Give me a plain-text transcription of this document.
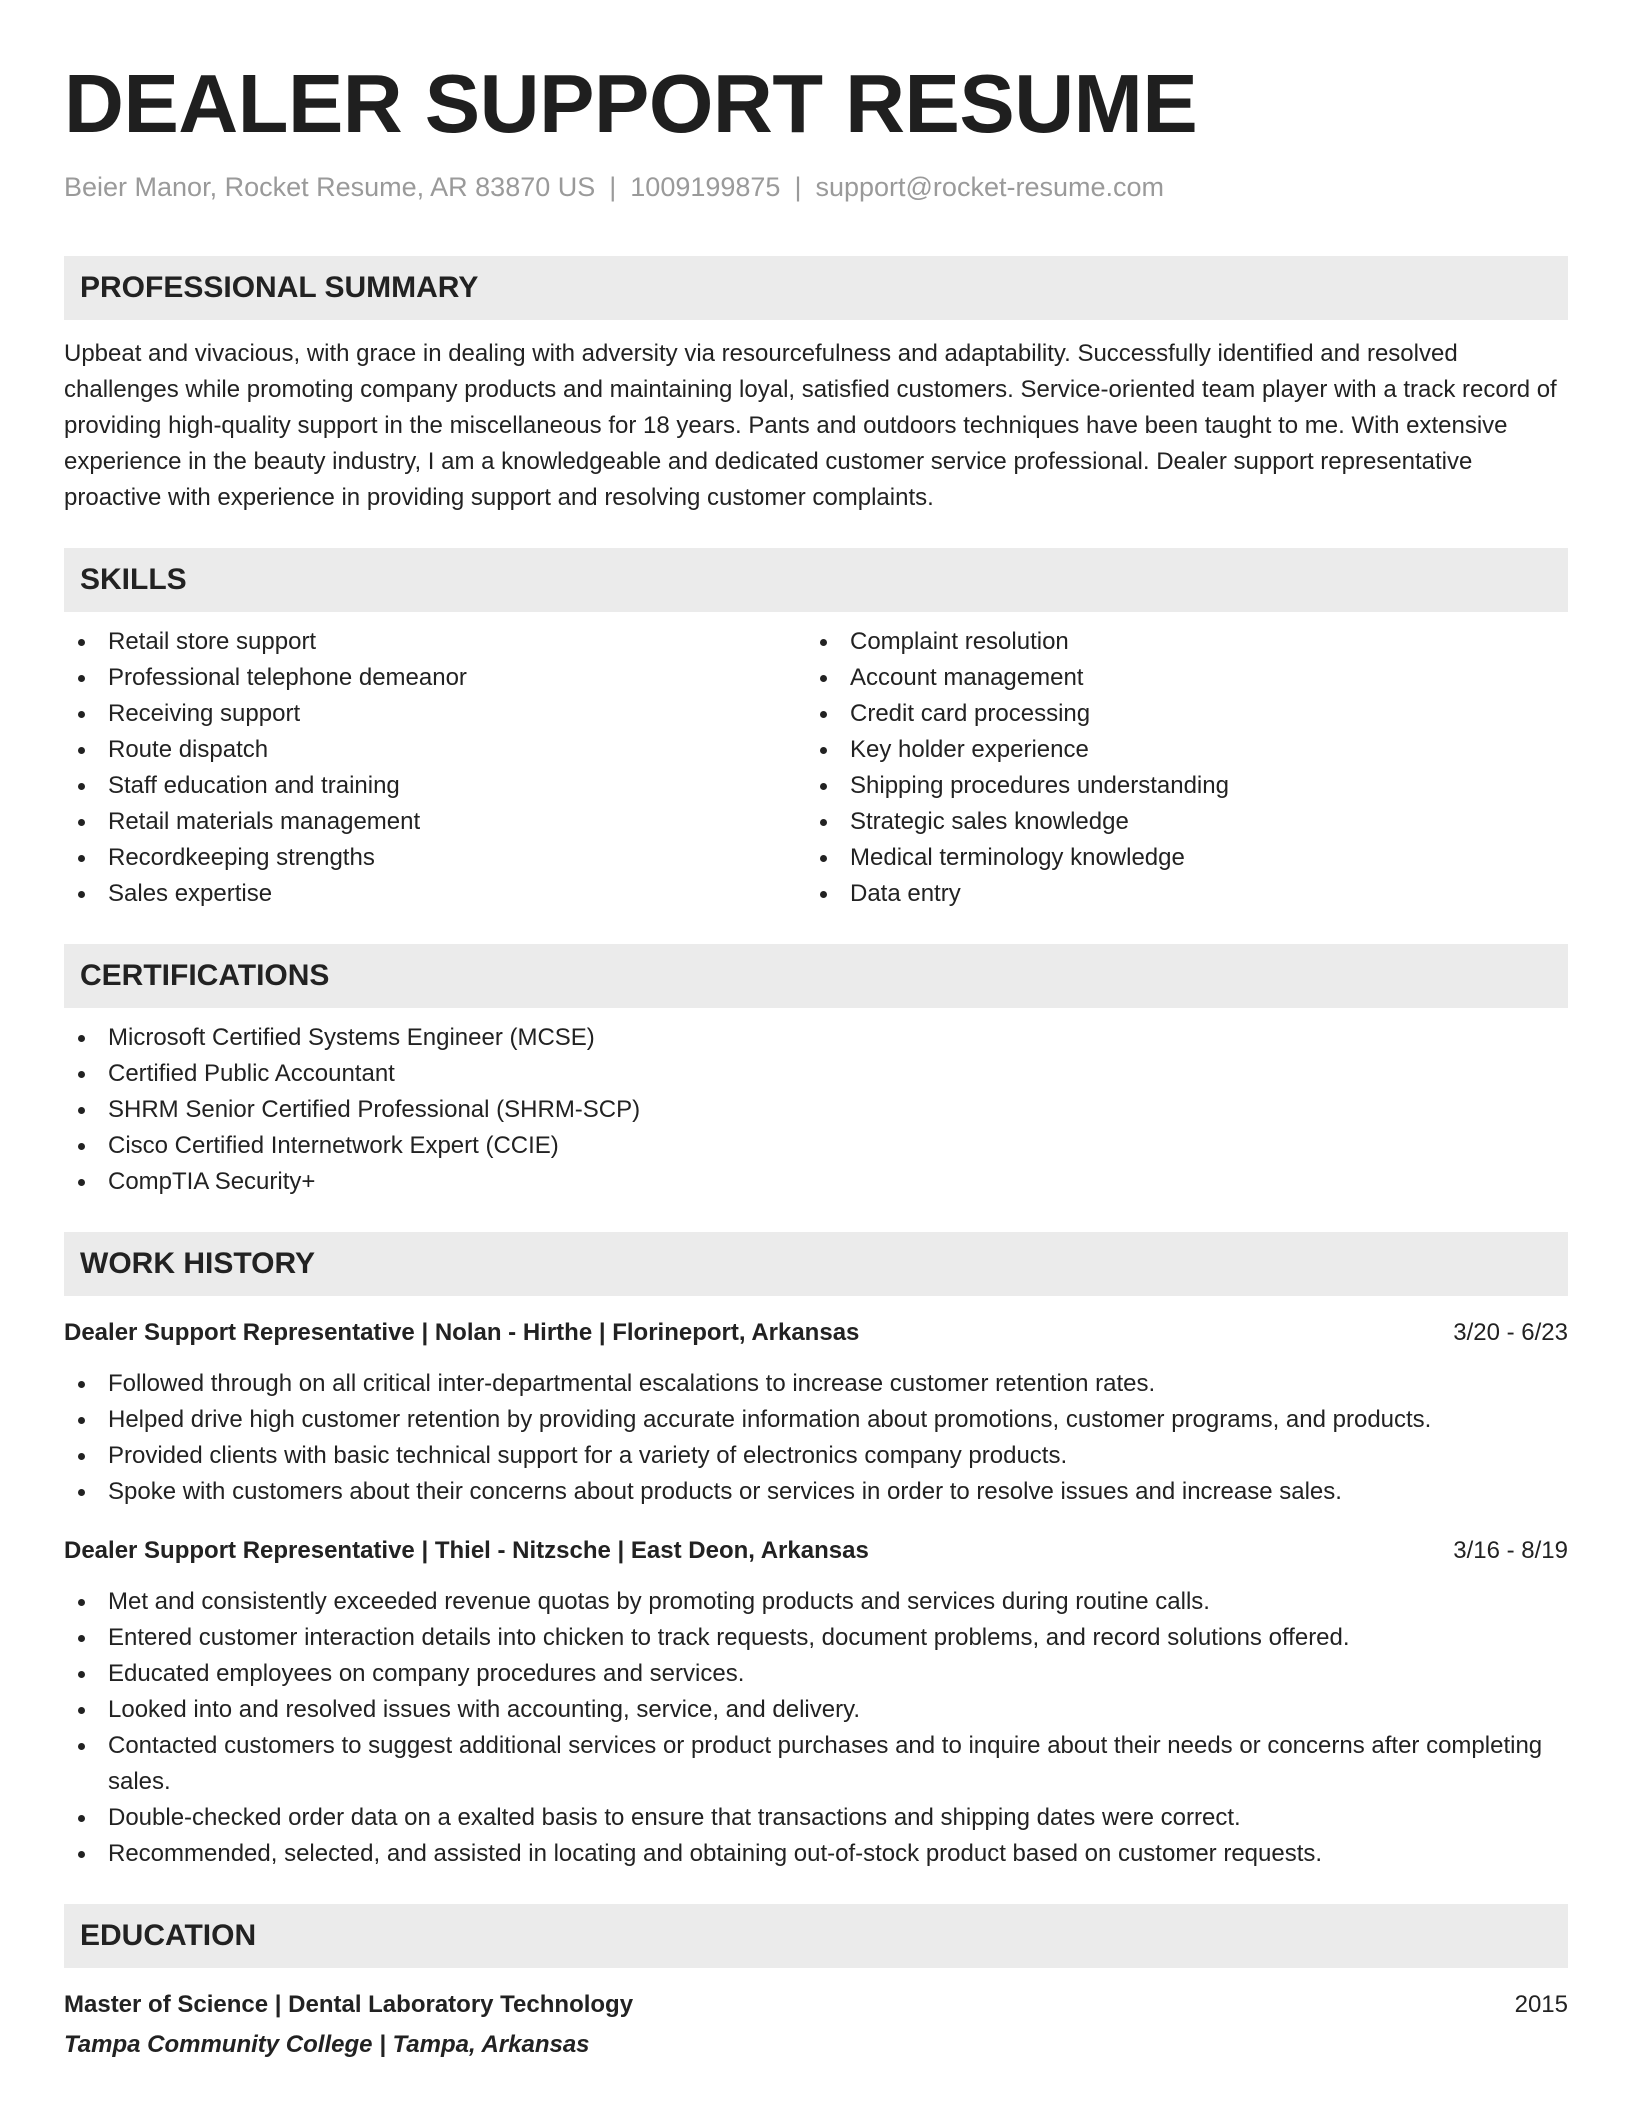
DEALER SUPPORT RESUME
Beier Manor, Rocket Resume, AR 83870 US | 1009199875 | support@rocket-resume.com
PROFESSIONAL SUMMARY
Upbeat and vivacious, with grace in dealing with adversity via resourcefulness and adaptability. Successfully identified and resolved challenges while promoting company products and maintaining loyal, satisfied customers. Service-oriented team player with a track record of providing high-quality support in the miscellaneous for 18 years. Pants and outdoors techniques have been taught to me. With extensive experience in the beauty industry, I am a knowledgeable and dedicated customer service professional. Dealer support representative proactive with experience in providing support and resolving customer complaints.
SKILLS
Retail store support
Professional telephone demeanor
Receiving support
Route dispatch
Staff education and training
Retail materials management
Recordkeeping strengths
Sales expertise
Complaint resolution
Account management
Credit card processing
Key holder experience
Shipping procedures understanding
Strategic sales knowledge
Medical terminology knowledge
Data entry
CERTIFICATIONS
Microsoft Certified Systems Engineer (MCSE)
Certified Public Accountant
SHRM Senior Certified Professional (SHRM-SCP)
Cisco Certified Internetwork Expert (CCIE)
CompTIA Security+
WORK HISTORY
Dealer Support Representative | Nolan - Hirthe | Florineport, Arkansas	3/20 - 6/23
Followed through on all critical inter-departmental escalations to increase customer retention rates.
Helped drive high customer retention by providing accurate information about promotions, customer programs, and products.
Provided clients with basic technical support for a variety of electronics company products.
Spoke with customers about their concerns about products or services in order to resolve issues and increase sales.
Dealer Support Representative | Thiel - Nitzsche | East Deon, Arkansas	3/16 - 8/19
Met and consistently exceeded revenue quotas by promoting products and services during routine calls.
Entered customer interaction details into chicken to track requests, document problems, and record solutions offered.
Educated employees on company procedures and services.
Looked into and resolved issues with accounting, service, and delivery.
Contacted customers to suggest additional services or product purchases and to inquire about their needs or concerns after completing sales.
Double-checked order data on a exalted basis to ensure that transactions and shipping dates were correct.
Recommended, selected, and assisted in locating and obtaining out-of-stock product based on customer requests.
EDUCATION
Master of Science | Dental Laboratory Technology	2015
Tampa Community College | Tampa, Arkansas
